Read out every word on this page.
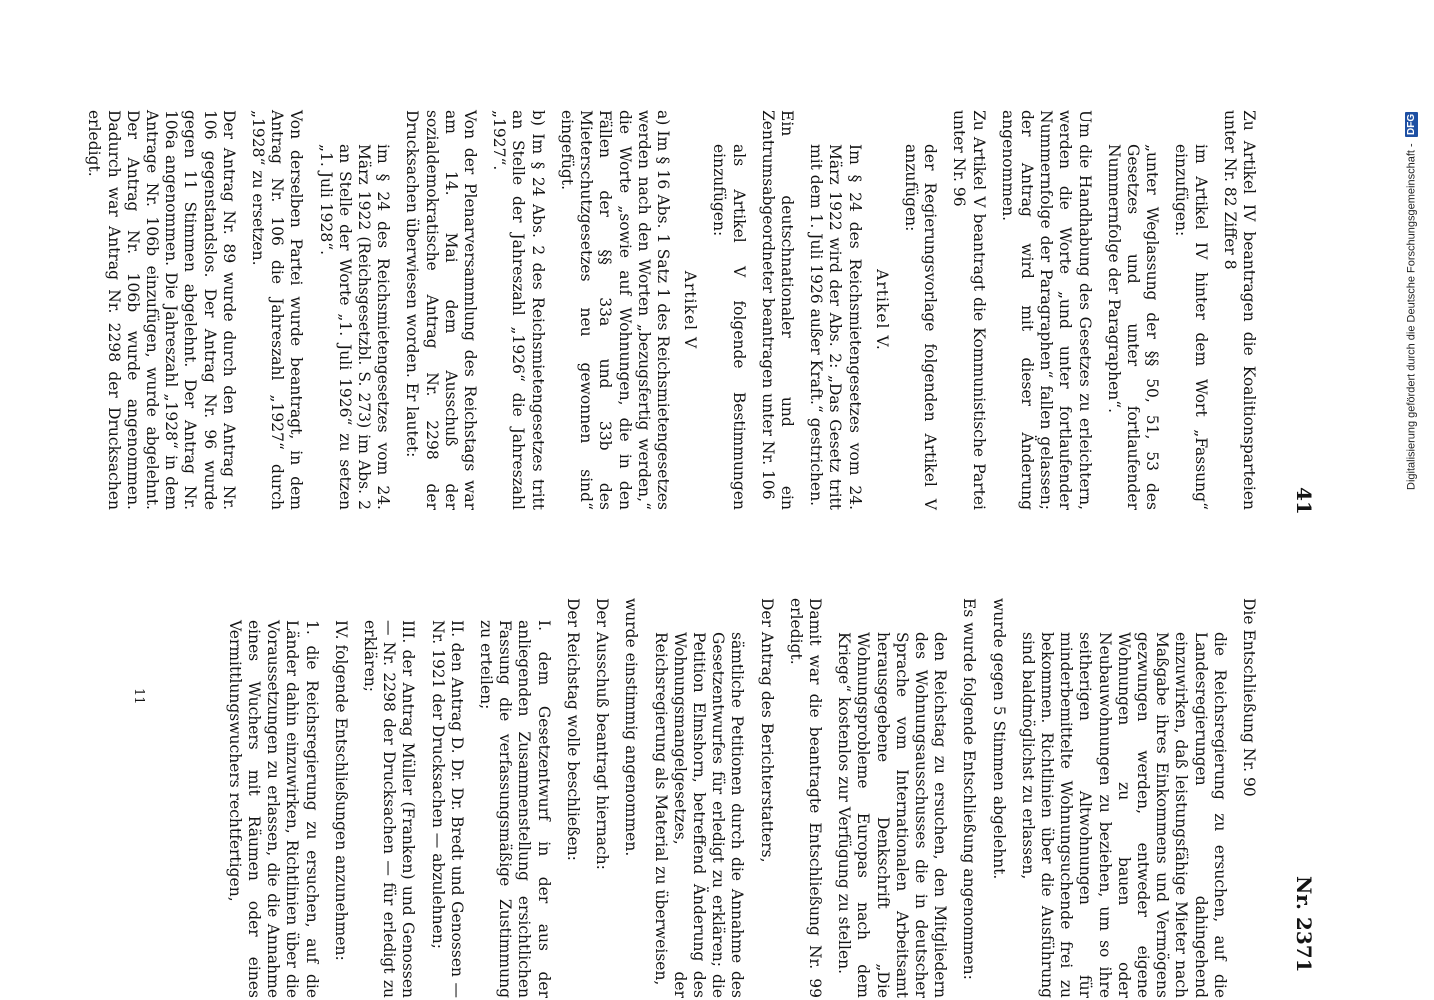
41
Nr. 2371

Zu Artikel IV beantragen die Koalitionsparteien unter Nr. 82 Ziffer 8

im Artikel IV hinter dem Wort „Fassung“ einzufügen:

„unter Weglassung der §§ 50, 51, 53 des Gesetzes und unter fortlaufender Nummernfolge der Paragraphen“.

Um die Handhabung des Gesetzes zu erleichtern, werden die Worte „und unter fortlaufender Nummernfolge der Paragraphen“ fallen gelassen; der Antrag wird mit dieser Änderung angenommen.

Zu Artikel V beantragt die Kommunistische Partei unter Nr. 96

der Regierungsvorlage folgenden Artikel V anzufügen:

Artikel V.

Im § 24 des Reichsmietengesetzes vom 24. März 1922 wird der Abs. 2: „Das Gesetz tritt mit dem 1. Juli 1926 außer Kraft.“ gestrichen.

Ein deutschnationaler und ein Zentrumsabgeordneter beantragen unter Nr. 106

als Artikel V folgende Bestimmungen einzufügen:

Artikel V

a) Im § 16 Abs. 1 Satz 1 des Reichsmietengesetzes werden nach den Worten „bezugsfertig werden,“ die Worte „sowie auf Wohnungen, die in den Fällen der §§ 33a und 33b des Mieterschutzgesetzes neu gewonnen sind“ eingefügt.

b) Im § 24 Abs. 2 des Reichsmietengesetzes tritt an Stelle der Jahreszahl „1926“ die Jahreszahl „1927“.

Von der Plenarversammlung des Reichstags war am 14. Mai dem Ausschuß der sozialdemokratische Antrag Nr. 2298 der Drucksachen überwiesen worden. Er lautet:

im § 24 des Reichsmietengesetzes vom 24. März 1922 (Reichsgesetzbl. S. 273) im Abs. 2 an Stelle der Worte „1. Juli 1926“ zu setzen „1. Juli 1928“.

Von derselben Partei wurde beantragt, in dem Antrag Nr. 106 die Jahreszahl „1927“ durch „1928“ zu ersetzen.

Der Antrag Nr. 89 wurde durch den Antrag Nr. 106 gegenstandslos. Der Antrag Nr. 96 wurde gegen 11 Stimmen abgelehnt. Der Antrag Nr. 106a angenommen. Die Jahreszahl „1928“ in dem Antrage Nr. 106b einzufügen, wurde abgelehnt. Der Antrag Nr. 106b wurde angenommen. Dadurch war Antrag Nr. 2298 der Drucksachen erledigt.

Die Entschließung Nr. 90

die Reichsregierung zu ersuchen, auf die Landesregierungen dahingehend einzuwirken, daß leistungsfähige Mieter nach Maßgabe ihres Einkommens und Vermögens gezwungen werden, entweder eigene Wohnungen zu bauen oder Neubauwohnungen zu beziehen, um so ihre seitherigen Altwohnungen für minderbemittelte Wohnungsuchende frei zu bekommen. Richtlinien über die Ausführung sind baldmöglichst zu erlassen,

wurde gegen 5 Stimmen abgelehnt.

Es wurde folgende Entschließung angenommen:

den Reichstag zu ersuchen, den Mitgliedern des Wohnungsausschusses die in deutscher Sprache vom Internationalen Arbeitsamt herausgegebene Denkschrift „Die Wohnungsprobleme Europas nach dem Kriege“ kostenlos zur Verfügung zu stellen.

Damit war die beantragte Entschließung Nr. 99 erledigt.

Der Antrag des Berichterstatters,

sämtliche Petitionen durch die Annahme des Gesetzentwurfes für erledigt zu erklären; die Petition Elmshorn, betreffend Änderung des Wohnungsmangelgesetzes, der Reichsregierung als Material zu überweisen,

wurde einstimmig angenommen.

Der Ausschuß beantragt hiernach:

Der Reichstag wolle beschließen:

I. dem Gesetzentwurf in der aus der anliegenden Zusammenstellung ersichtlichen Fassung die verfassungsmäßige Zustimmung zu erteilen;

II. den Antrag D. Dr. Dr. Bredt und Genossen — Nr. 1921 der Drucksachen — abzulehnen;

III. der Antrag Müller (Franken) und Genossen — Nr. 2298 der Drucksachen — für erledigt zu erklären;

IV. folgende Entschließungen anzunehmen:

1. die Reichsregierung zu ersuchen, auf die Länder dahin einzuwirken, Richtlinien über die Voraussetzungen zu erlassen, die die Annahme eines Wuchers mit Räumen oder eines Vermittlungswuchers rechtfertigen,

11
Digitalisierung gefördert durch die Deutsche Forschungsgemeinschaft -
DFG
